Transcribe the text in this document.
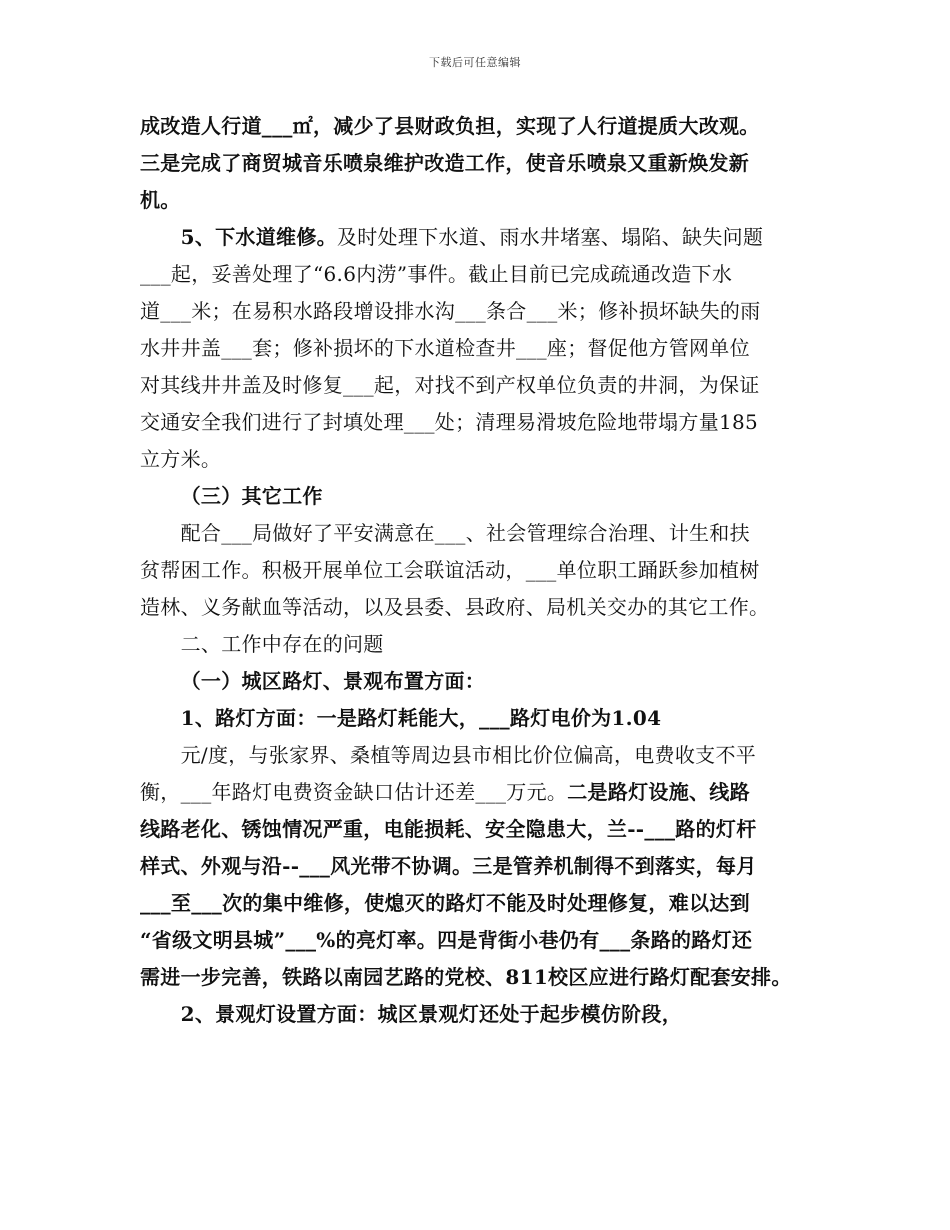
下载后可任意编辑
成改造人行道___㎡，减少了县财政负担，实现了人行道提质大改观。
三是完成了商贸城音乐喷泉维护改造工作，使音乐喷泉又重新焕发新
机。
  5、下水道维修。及时处理下水道、雨水井堵塞、塌陷、缺失问题
___起，妥善处理了“6.6内涝”事件。截止目前已完成疏通改造下水
道___米；在易积水路段增设排水沟___条合___米；修补损坏缺失的雨
水井井盖___套；修补损坏的下水道检查井___座；督促他方管网单位
对其线井井盖及时修复___起，对找不到产权单位负责的井洞，为保证
交通安全我们进行了封填处理___处；清理易滑坡危险地带塌方量185
立方米。
  （三）其它工作
  配合___局做好了平安满意在___、社会管理综合治理、计生和扶
贫帮困工作。积极开展单位工会联谊活动，___单位职工踊跃参加植树
造林、义务献血等活动，以及县委、县政府、局机关交办的其它工作。
  二、工作中存在的问题
  （一）城区路灯、景观布置方面：
  1、路灯方面：一是路灯耗能大，___路灯电价为1.04
  元/度，与张家界、桑植等周边县市相比价位偏高，电费收支不平
衡，___年路灯电费资金缺口估计还差___万元。二是路灯设施、线路
线路老化、锈蚀情况严重，电能损耗、安全隐患大，兰--___路的灯杆
样式、外观与沿--___风光带不协调。三是管养机制得不到落实，每月
___至___次的集中维修，使熄灭的路灯不能及时处理修复，难以达到
“省级文明县城”___%的亮灯率。四是背街小巷仍有___条路的路灯还
需进一步完善，铁路以南园艺路的党校、811校区应进行路灯配套安排。
  2、景观灯设置方面：城区景观灯还处于起步模仿阶段，
